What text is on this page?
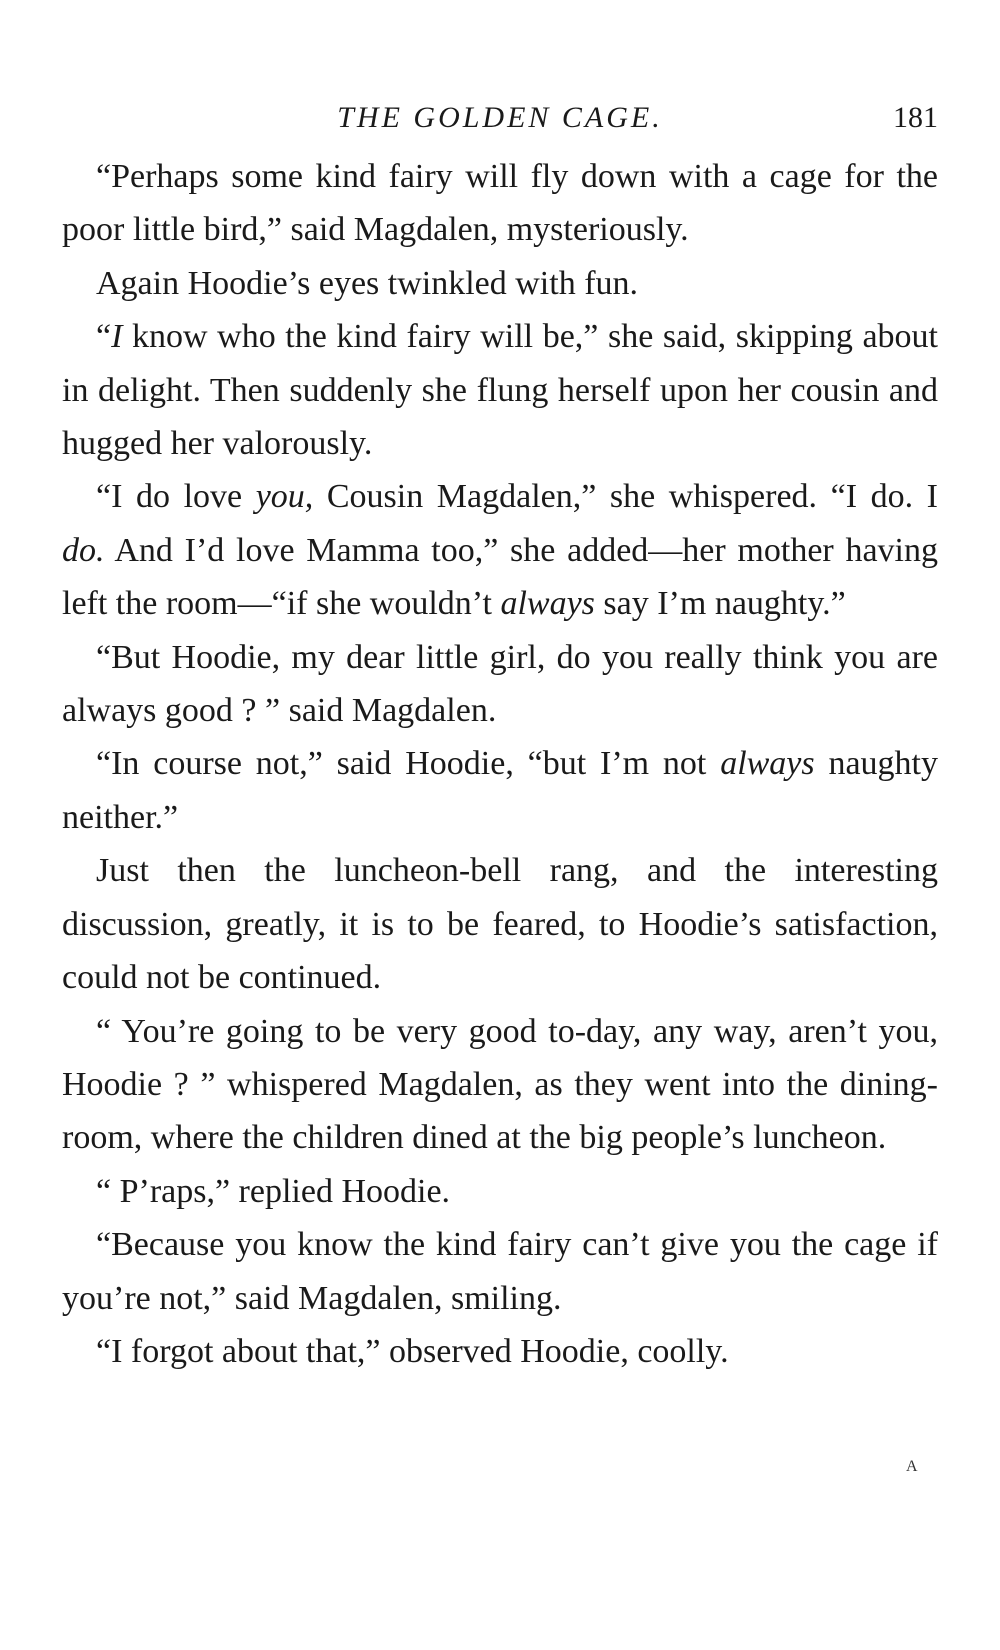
THE GOLDEN CAGE.	181

“Perhaps some kind fairy will fly down with a cage for the poor little bird,” said Magdalen, mysteriously.

Again Hoodie’s eyes twinkled with fun.

“I know who the kind fairy will be,” she said, skipping about in delight. Then suddenly she flung herself upon her cousin and hugged her valorously.

“I do love you, Cousin Magdalen,” she whispered. “I do. I do. And I’d love Mamma too,” she added—her mother having left the room—“if she wouldn’t always say I’m naughty.”

“But Hoodie, my dear little girl, do you really think you are always good ? ” said Magdalen.

“In course not,” said Hoodie, “but I’m not always naughty neither.”

Just then the luncheon-bell rang, and the interesting discussion, greatly, it is to be feared, to Hoodie’s satisfaction, could not be continued.

“ You’re going to be very good to-day, any way, aren’t you, Hoodie ? ” whispered Magdalen, as they went into the dining-room, where the children dined at the big people’s luncheon.

“ P’raps,” replied Hoodie.

“Because you know the kind fairy can’t give you the cage if you’re not,” said Magdalen, smiling.

“I forgot about that,” observed Hoodie, coolly.

A
